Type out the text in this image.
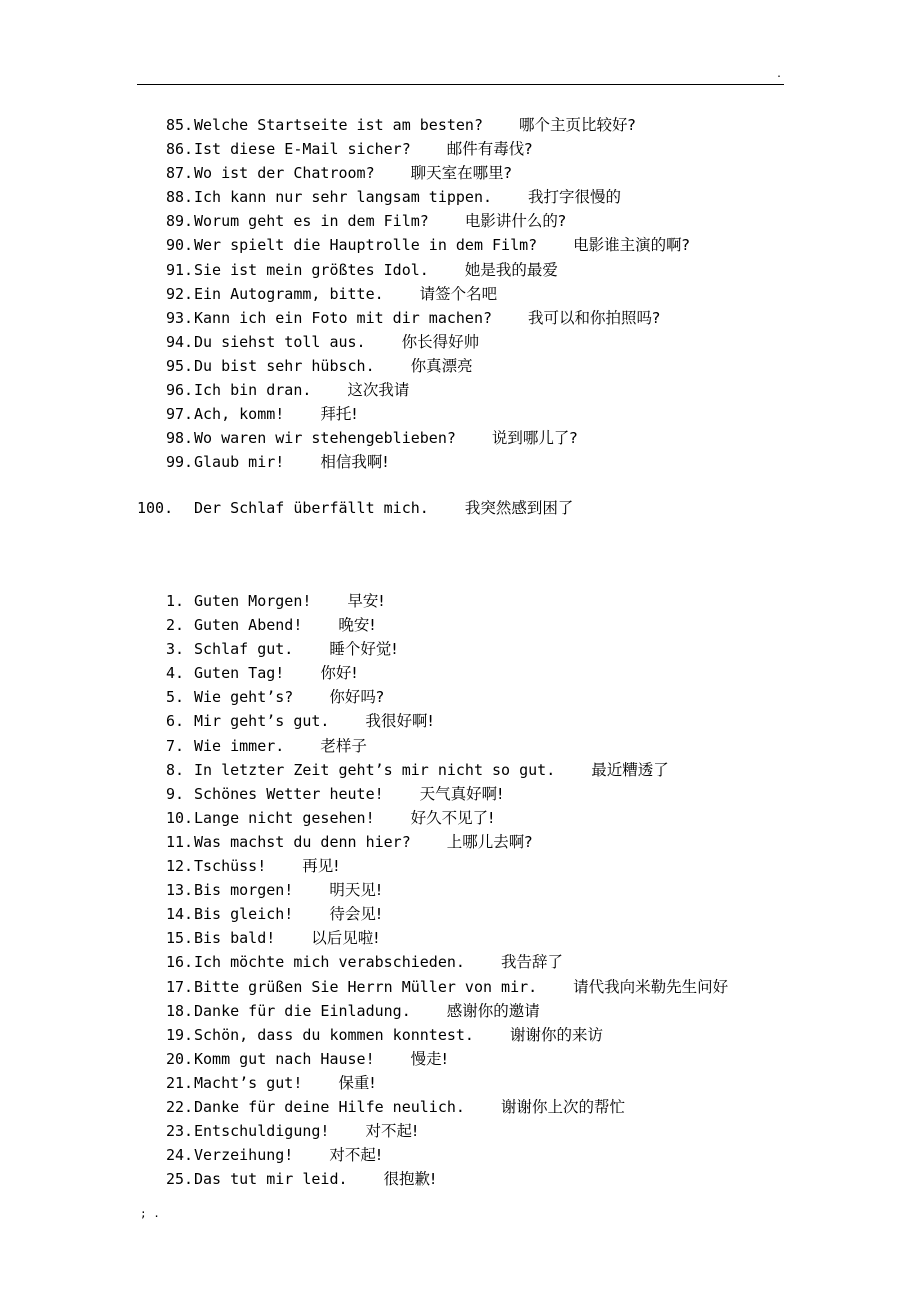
.
85. Welche Startseite ist am besten? 哪个主页比较好?
86. Ist diese E-Mail sicher? 邮件有毒伐?
87. Wo ist der Chatroom? 聊天室在哪里?
88. Ich kann nur sehr langsam tippen. 我打字很慢的
89. Worum geht es in dem Film? 电影讲什么的?
90. Wer spielt die Hauptrolle in dem Film? 电影谁主演的啊?
91. Sie ist mein größtes Idol. 她是我的最爱
92. Ein Autogramm, bitte. 请签个名吧
93. Kann ich ein Foto mit dir machen? 我可以和你拍照吗?
94. Du siehst toll aus. 你长得好帅
95. Du bist sehr hübsch. 你真漂亮
96. Ich bin dran. 这次我请
97. Ach, komm! 拜托!
98. Wo waren wir stehengeblieben? 说到哪儿了?
99. Glaub mir! 相信我啊!
100. Der Schlaf überfällt mich. 我突然感到困了
1. Guten Morgen! 早安!
2. Guten Abend! 晚安!
3. Schlaf gut. 睡个好觉!
4. Guten Tag! 你好!
5. Wie geht’s? 你好吗?
6. Mir geht’s gut. 我很好啊!
7. Wie immer. 老样子
8. In letzter Zeit geht’s mir nicht so gut. 最近糟透了
9. Schönes Wetter heute! 天气真好啊!
10. Lange nicht gesehen! 好久不见了!
11. Was machst du denn hier? 上哪儿去啊?
12. Tschüss! 再见!
13. Bis morgen! 明天见!
14. Bis gleich! 待会见!
15. Bis bald! 以后见啦!
16. Ich möchte mich verabschieden. 我告辞了
17. Bitte grüßen Sie Herrn Müller von mir. 请代我向米勒先生问好
18. Danke für die Einladung. 感谢你的邀请
19. Schön, dass du kommen konntest. 谢谢你的来访
20. Komm gut nach Hause! 慢走!
21. Macht’s gut! 保重!
22. Danke für deine Hilfe neulich. 谢谢你上次的帮忙
23. Entschuldigung! 对不起!
24. Verzeihung! 对不起!
25. Das tut mir leid. 很抱歉!
; .
